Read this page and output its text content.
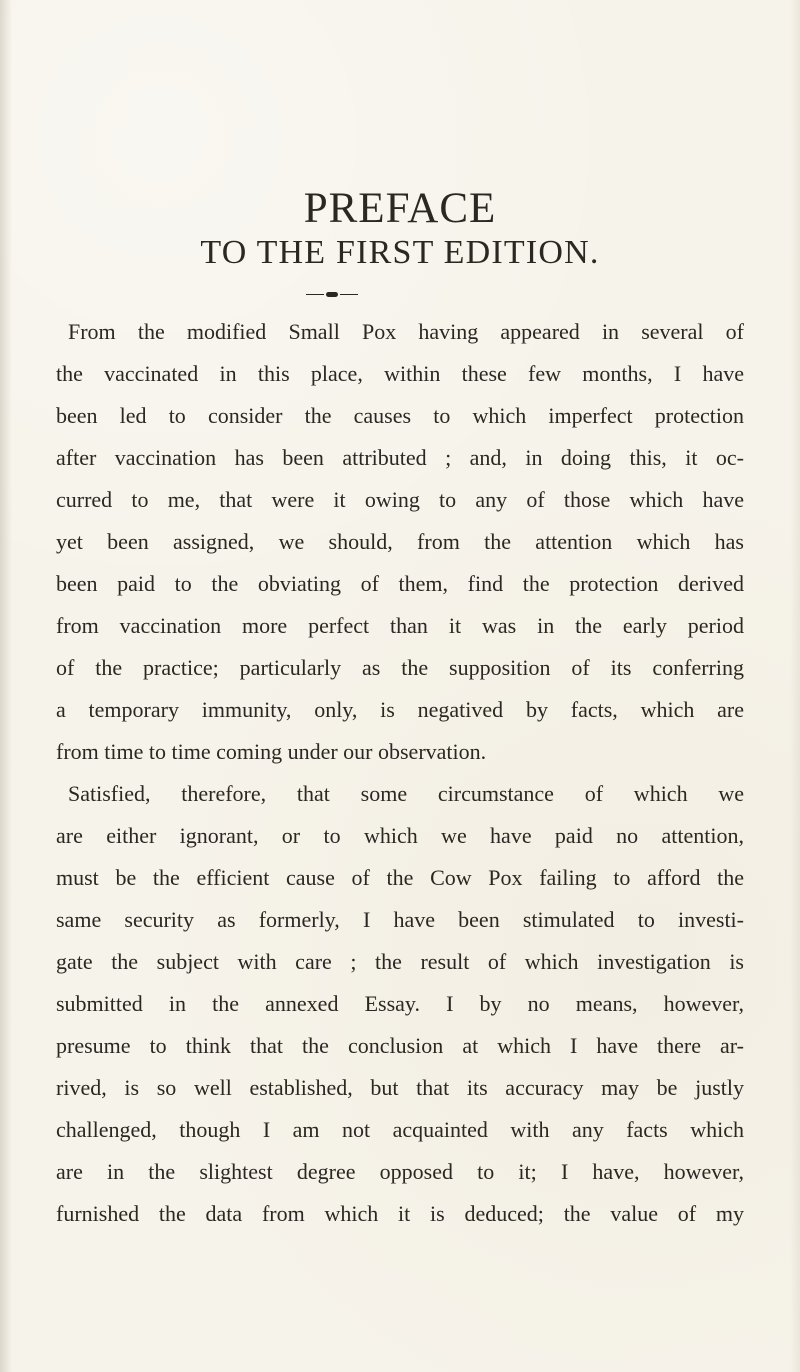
PREFACE
TO THE FIRST EDITION.
From the modified Small Pox having appeared in several of
the vaccinated in this place, within these few months, I have
been led to consider the causes to which imperfect protection
after vaccination has been attributed ; and, in doing this, it oc-
curred to me, that were it owing to any of those which have
yet been assigned, we should, from the attention which has
been paid to the obviating of them, find the protection derived
from vaccination more perfect than it was in the early period
of the practice; particularly as the supposition of its conferring
a temporary immunity, only, is negatived by facts, which are
from time to time coming under our observation.
Satisfied, therefore, that some circumstance of which we
are either ignorant, or to which we have paid no attention,
must be the efficient cause of the Cow Pox failing to afford the
same security as formerly, I have been stimulated to investi-
gate the subject with care ; the result of which investigation is
submitted in the annexed Essay. I by no means, however,
presume to think that the conclusion at which I have there ar-
rived, is so well established, but that its accuracy may be justly
challenged, though I am not acquainted with any facts which
are in the slightest degree opposed to it; I have, however,
furnished the data from which it is deduced; the value of my
